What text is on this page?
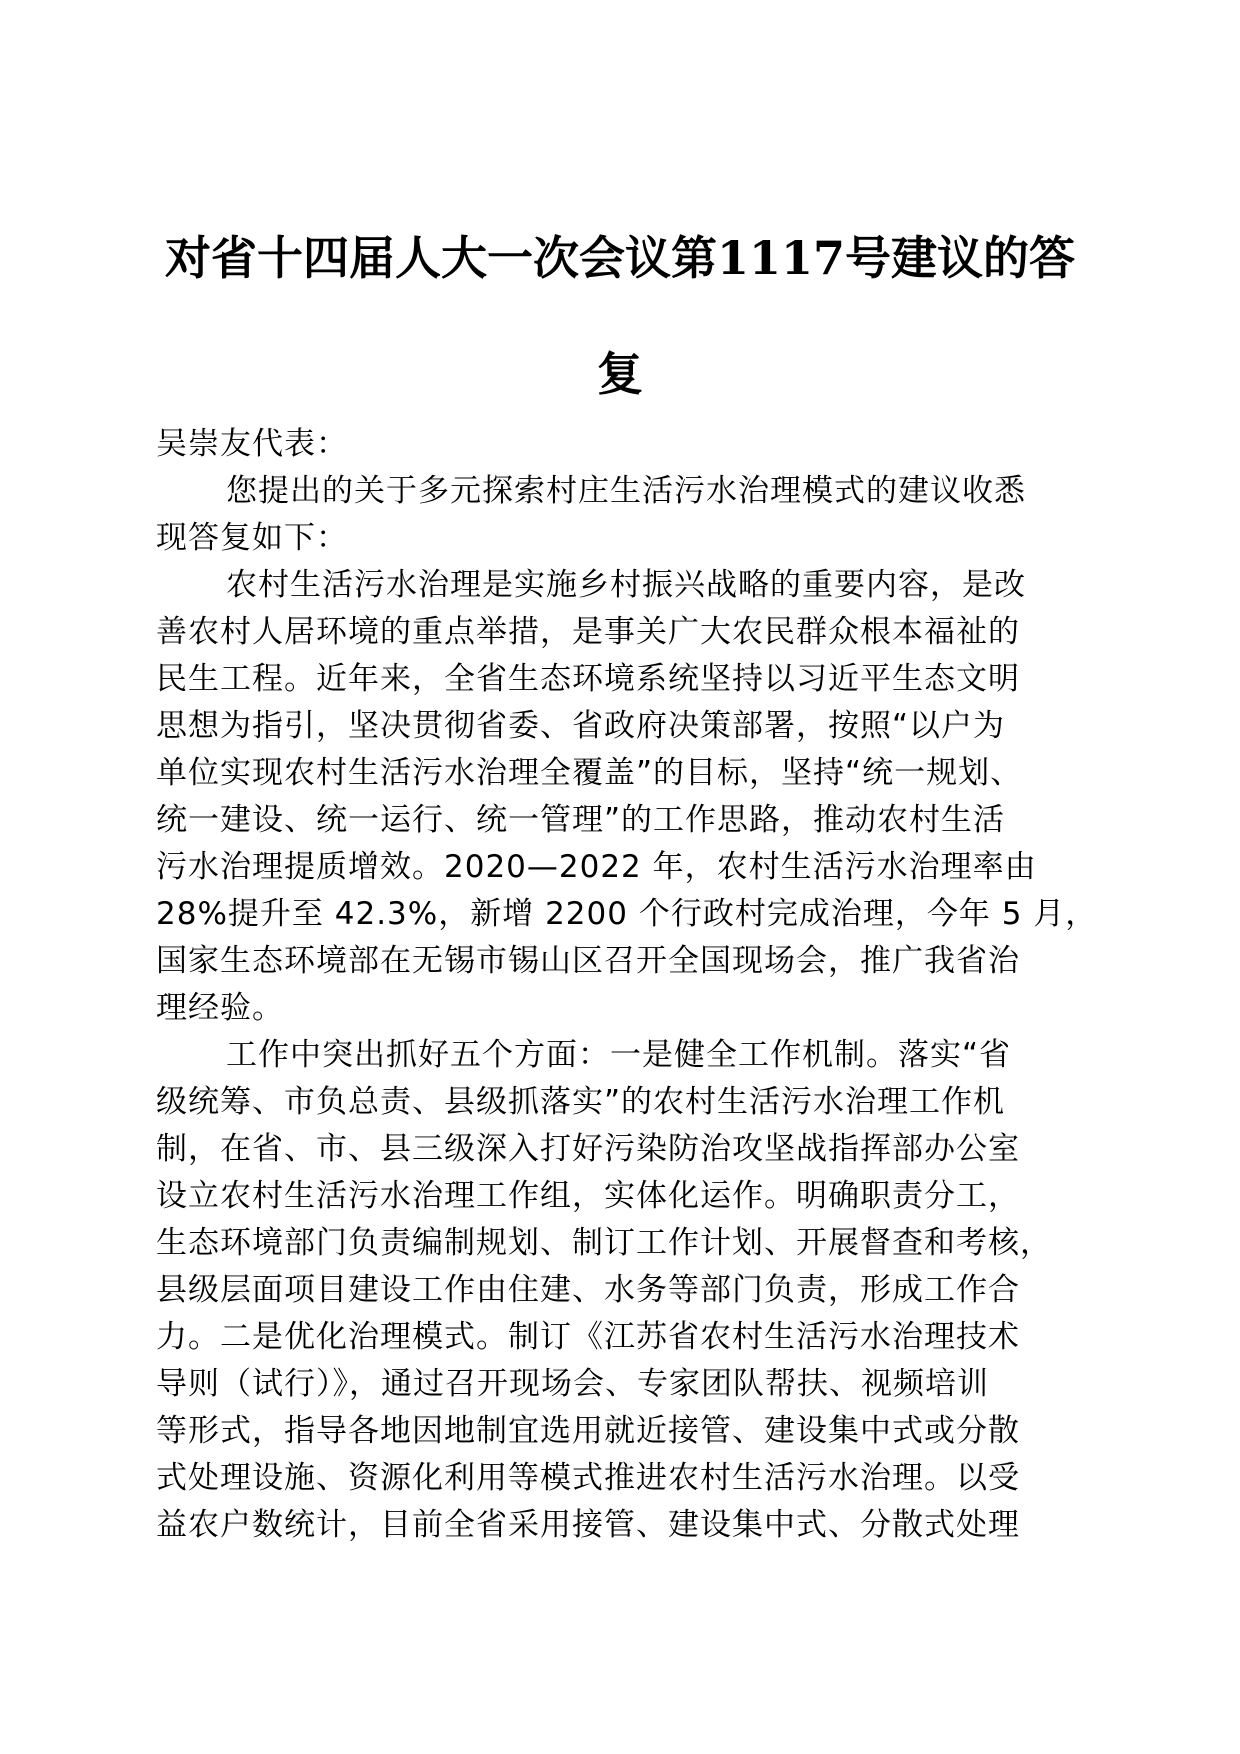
对省十四届人大一次会议第1117号建议的答
复
吴崇友代表：
您提出的关于多元探索村庄生活污水治理模式的建议收悉
现答复如下：
农村生活污水治理是实施乡村振兴战略的重要内容，是改
善农村人居环境的重点举措，是事关广大农民群众根本福祉的
民生工程。近年来，全省生态环境系统坚持以习近平生态文明
思想为指引，坚决贯彻省委、省政府决策部署，按照“以户为
单位实现农村生活污水治理全覆盖”的目标，坚持“统一规划、
统一建设、统一运行、统一管理”的工作思路，推动农村生活
污水治理提质增效。2020—2022 年，农村生活污水治理率由
28%提升至 42.3%，新增 2200 个行政村完成治理，今年 5 月，
国家生态环境部在无锡市锡山区召开全国现场会，推广我省治
理经验。
工作中突出抓好五个方面：一是健全工作机制。落实“省
级统筹、市负总责、县级抓落实”的农村生活污水治理工作机
制，在省、市、县三级深入打好污染防治攻坚战指挥部办公室
设立农村生活污水治理工作组，实体化运作。明确职责分工，
生态环境部门负责编制规划、制订工作计划、开展督查和考核，
县级层面项目建设工作由住建、水务等部门负责，形成工作合
力。二是优化治理模式。制订《江苏省农村生活污水治理技术
导则（试行）》，通过召开现场会、专家团队帮扶、视频培训
等形式，指导各地因地制宜选用就近接管、建设集中式或分散
式处理设施、资源化利用等模式推进农村生活污水治理。以受
益农户数统计，目前全省采用接管、建设集中式、分散式处理
